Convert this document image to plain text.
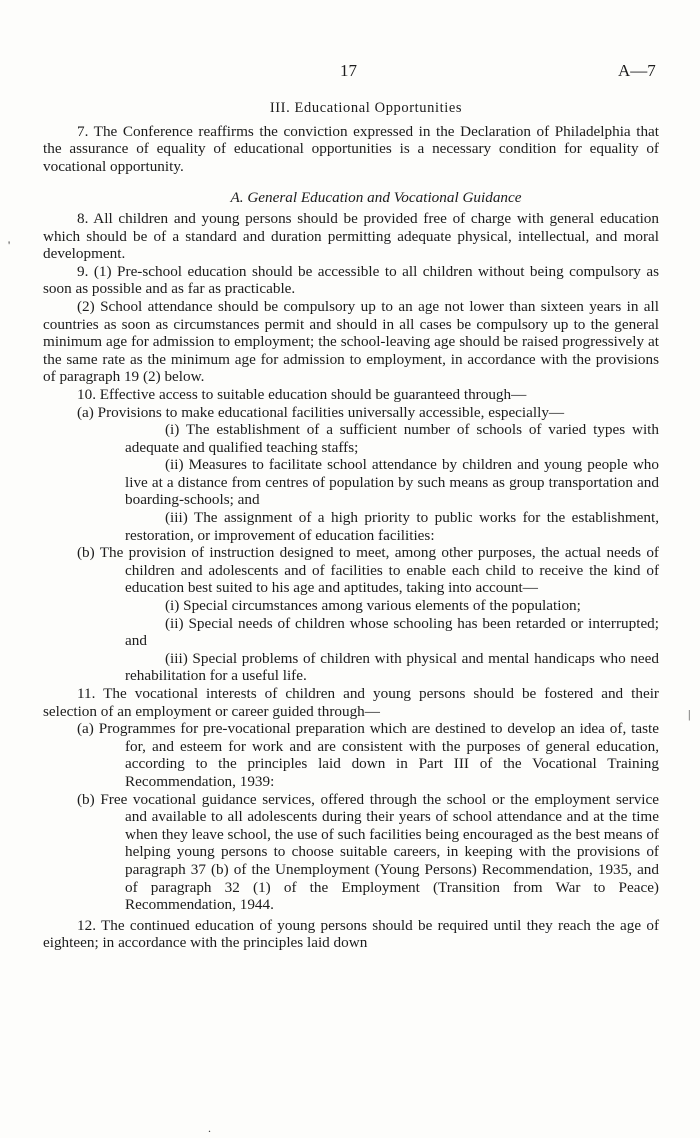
17	A—7
'
|
.

III. Educational Opportunities

7. The Conference reaffirms the conviction expressed in the Declaration of Philadelphia that the assurance of equality of educational opportunities is a necessary condition for equality of vocational opportunity.

A. General Education and Vocational Guidance

8. All children and young persons should be provided free of charge with general education which should be of a standard and duration permitting adequate physical, intellectual, and moral development.

9. (1) Pre-school education should be accessible to all children without being compulsory as soon as possible and as far as practicable.

(2) School attendance should be compulsory up to an age not lower than sixteen years in all countries as soon as circumstances permit and should in all cases be compulsory up to the general minimum age for admission to employment; the school-leaving age should be raised progressively at the same rate as the minimum age for admission to employment, in accordance with the provisions of paragraph 19 (2) below.

10. Effective access to suitable education should be guaranteed through—

(a) Provisions to make educational facilities universally accessible, especially—

(i) The establishment of a sufficient number of schools of varied types with adequate and qualified teaching staffs;

(ii) Measures to facilitate school attendance by children and young people who live at a distance from centres of population by such means as group transportation and boarding-schools; and

(iii) The assignment of a high priority to public works for the establishment, restoration, or improvement of education facilities:

(b) The provision of instruction designed to meet, among other purposes, the actual needs of children and adolescents and of facilities to enable each child to receive the kind of education best suited to his age and aptitudes, taking into account—

(i) Special circumstances among various elements of the population;

(ii) Special needs of children whose schooling has been retarded or interrupted; and

(iii) Special problems of children with physical and mental handicaps who need rehabilitation for a useful life.

11. The vocational interests of children and young persons should be fostered and their selection of an employment or career guided through—

(a) Programmes for pre-vocational preparation which are destined to develop an idea of, taste for, and esteem for work and are consistent with the purposes of general education, according to the principles laid down in Part III of the Vocational Training Recommendation, 1939:

(b) Free vocational guidance services, offered through the school or the employment service and available to all adolescents during their years of school attendance and at the time when they leave school, the use of such facilities being encouraged as the best means of helping young persons to choose suitable careers, in keeping with the provisions of paragraph 37 (b) of the Unemployment (Young Persons) Recommendation, 1935, and of paragraph 32 (1) of the Employment (Transition from War to Peace) Recommendation, 1944.

12. The continued education of young persons should be required until they reach the age of eighteen; in accordance with the principles laid down
